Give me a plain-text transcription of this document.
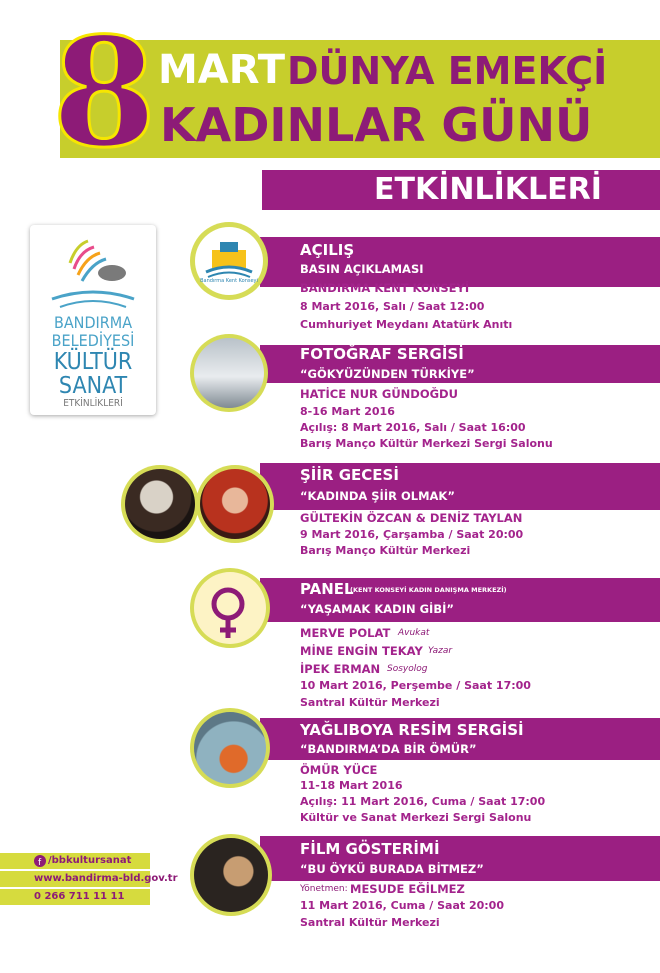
8 MART DÜNYA EMEKÇİ
KADINLAR GÜNÜ
ETKİNLİKLERİ
BANDIRMA
BELEDİYESİ
KÜLTÜR
SANAT
ETKİNLİKLERİ
Bandırma Kent Konseyi
AÇILIŞ
BASIN AÇIKLAMASI
BANDIRMA KENT KONSEYİ
8 Mart 2016, Salı / Saat 12:00
Cumhuriyet Meydanı Atatürk Anıtı
FOTOĞRAF SERGİSİ
“GÖKYÜZÜNDEN TÜRKİYE”
HATİCE NUR GÜNDOĞDU
8-16 Mart 2016
Açılış: 8 Mart 2016, Salı / Saat 16:00
Barış Manço Kültür Merkezi Sergi Salonu
ŞİİR GECESİ
“KADINDA ŞİİR OLMAK”
GÜLTEKİN ÖZCAN & DENİZ TAYLAN
9 Mart 2016, Çarşamba / Saat 20:00
Barış Manço Kültür Merkezi
PANEL
(KENT KONSEYİ KADIN DANIŞMA MERKEZİ)
“YAŞAMAK KADIN GİBİ”
MERVE POLAT Avukat
MİNE ENGİN TEKAY Yazar
İPEK ERMAN Sosyolog
10 Mart 2016, Perşembe / Saat 17:00
Santral Kültür Merkezi
YAĞLIBOYA RESİM SERGİSİ
“BANDIRMA’DA BİR ÖMÜR”
ÖMÜR YÜCE
11-18 Mart 2016
Açılış: 11 Mart 2016, Cuma / Saat 17:00
Kültür ve Sanat Merkezi Sergi Salonu
FİLM GÖSTERİMİ
“BU ÖYKÜ BURADA BİTMEZ”
Yönetmen: MESUDE EĞİLMEZ
11 Mart 2016, Cuma / Saat 20:00
Santral Kültür Merkezi
f /bbkultursanat
www.bandirma-bld.gov.tr
0 266 711 11 11
